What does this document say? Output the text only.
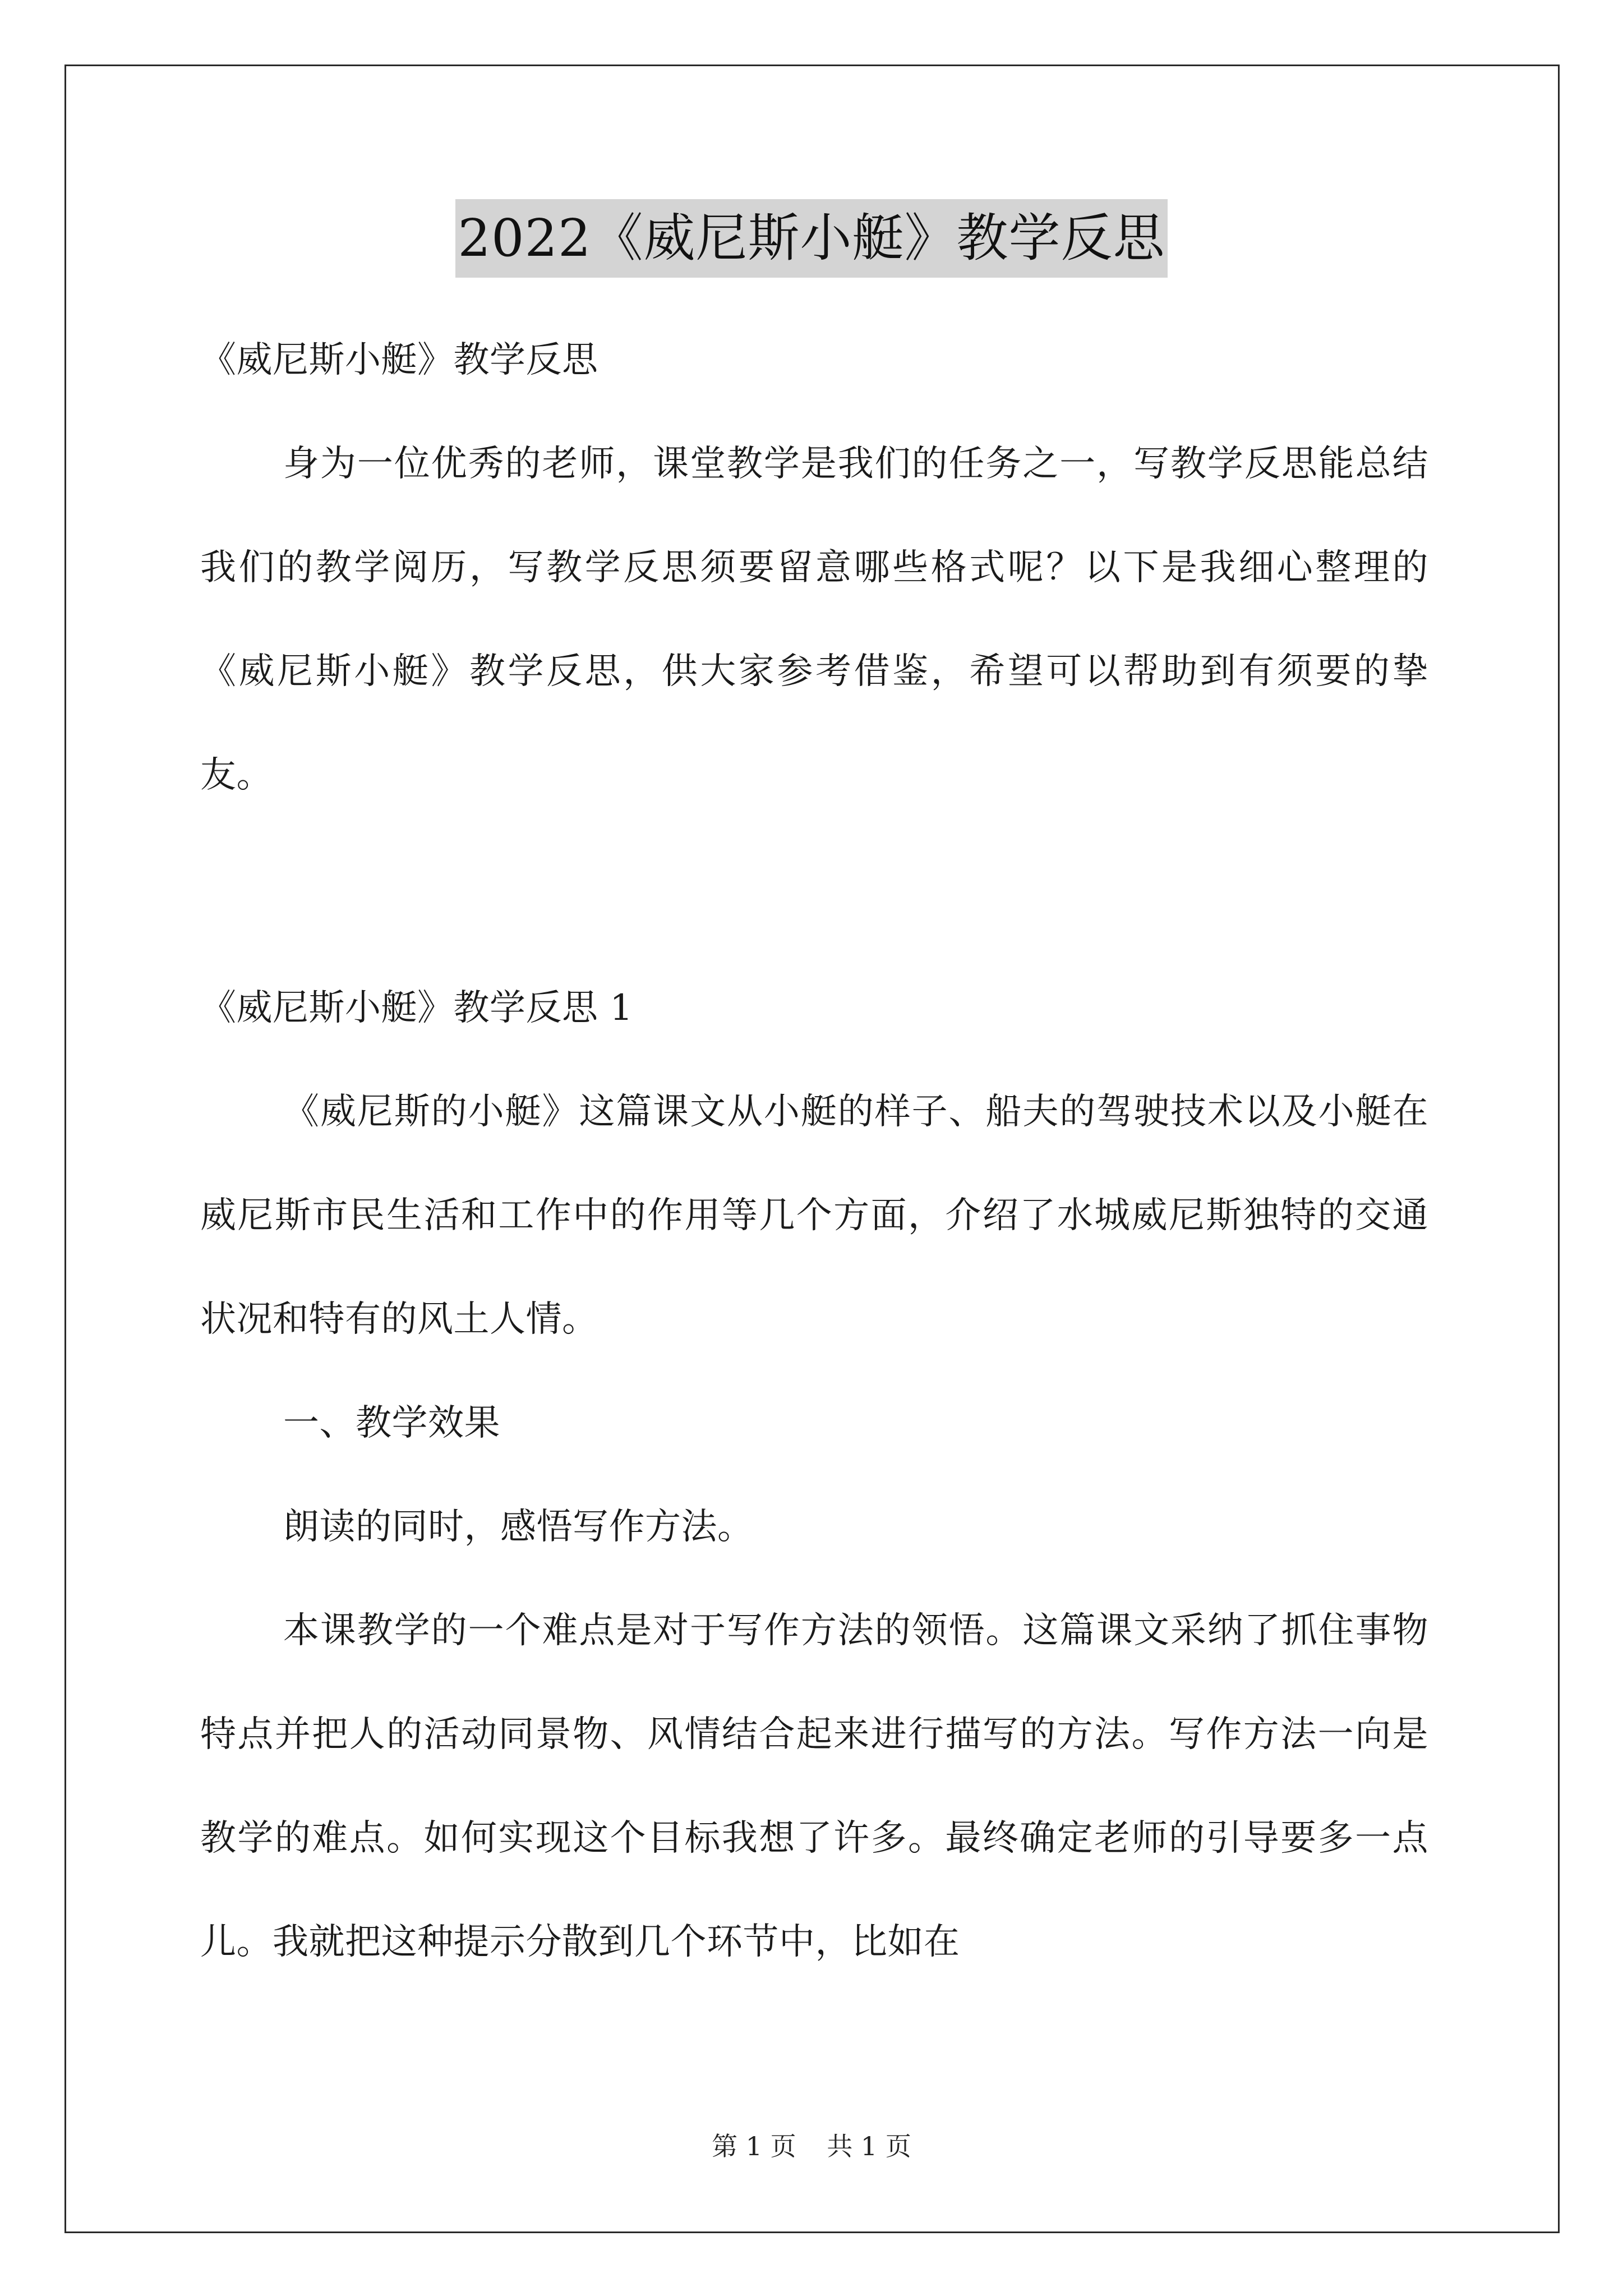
2022《威尼斯小艇》教学反思

《威尼斯小艇》教学反思

身为一位优秀的老师，课堂教学是我们的任务之一，写教学反思能总结我们的教学阅历，写教学反思须要留意哪些格式呢？以下是我细心整理的《威尼斯小艇》教学反思，供大家参考借鉴，希望可以帮助到有须要的挚友。

《威尼斯小艇》教学反思 1

《威尼斯的小艇》这篇课文从小艇的样子、船夫的驾驶技术以及小艇在威尼斯市民生活和工作中的作用等几个方面，介绍了水城威尼斯独特的交通状况和特有的风土人情。

一、教学效果

朗读的同时，感悟写作方法。

本课教学的一个难点是对于写作方法的领悟。这篇课文采纳了抓住事物特点并把人的活动同景物、风情结合起来进行描写的方法。写作方法一向是教学的难点。如何实现这个目标我想了许多。最终确定老师的引导要多一点儿。我就把这种提示分散到几个环节中，比如在

第 1 页 共 1 页
